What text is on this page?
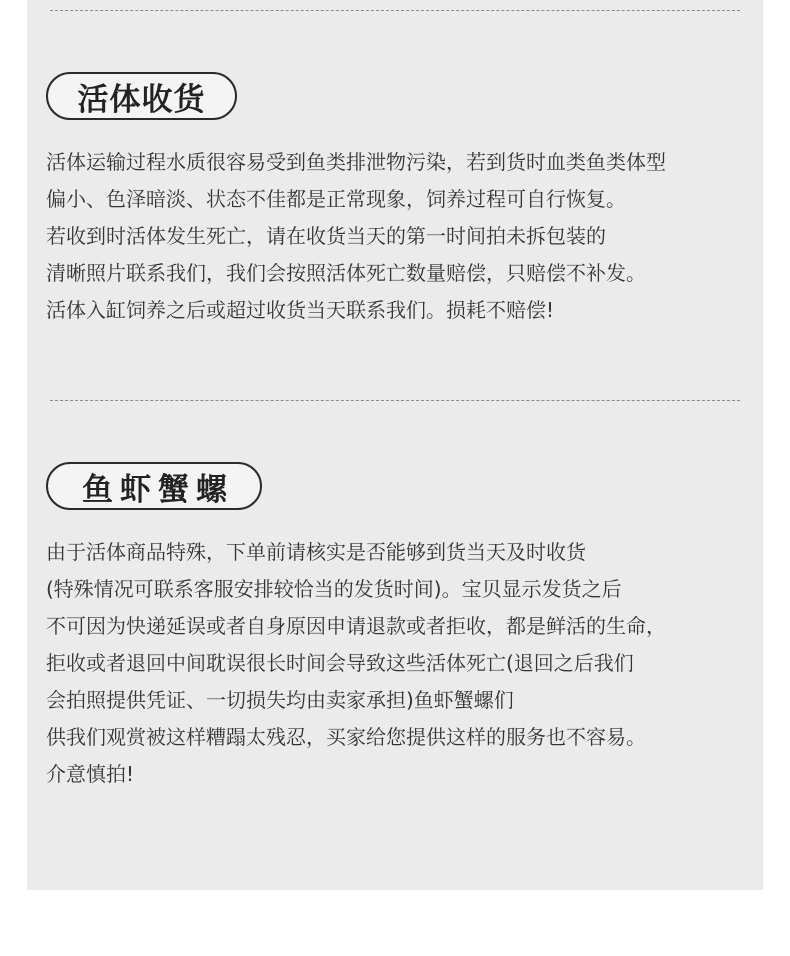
活体收货
活体运输过程水质很容易受到鱼类排泄物污染，若到货时血类鱼类体型
偏小、色泽暗淡、状态不佳都是正常现象，饲养过程可自行恢复。
若收到时活体发生死亡，请在收货当天的第一时间拍未拆包装的
清晰照片联系我们，我们会按照活体死亡数量赔偿，只赔偿不补发。
活体入缸饲养之后或超过收货当天联系我们。损耗不赔偿!
鱼虾蟹螺
由于活体商品特殊，下单前请核实是否能够到货当天及时收货
(特殊情况可联系客服安排较恰当的发货时间)。宝贝显示发货之后
不可因为快递延误或者自身原因申请退款或者拒收，都是鲜活的生命，
拒收或者退回中间耽误很长时间会导致这些活体死亡(退回之后我们
会拍照提供凭证、一切损失均由卖家承担)鱼虾蟹螺们
供我们观赏被这样糟蹋太残忍，买家给您提供这样的服务也不容易。
介意慎拍!
